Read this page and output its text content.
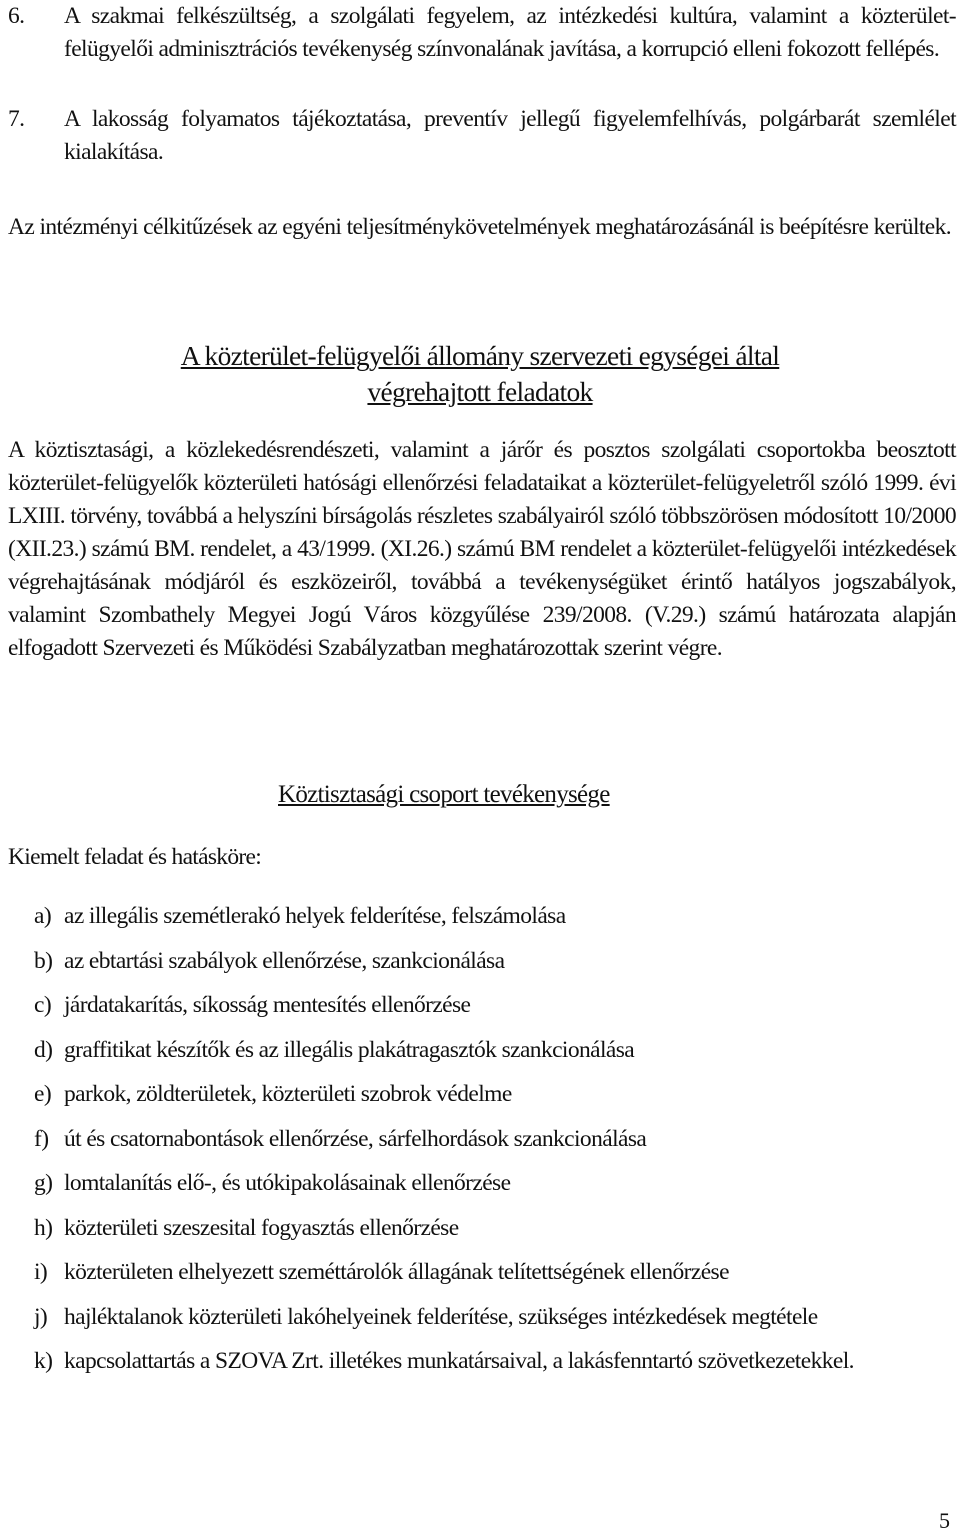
6.	A szakmai felkészültség, a szolgálati fegyelem, az intézkedési kultúra, valamint a közterület-felügyelői adminisztrációs tevékenység színvonalának javítása, a korrupció elleni fokozott fellépés.
7.	A lakosság folyamatos tájékoztatása, preventív jellegű figyelemfelhívás, polgárbarát szemlélet kialakítása.
Az intézményi célkitűzések az egyéni teljesítménykövetelmények meghatározásánál is beépítésre kerültek.
A közterület-felügyelői állomány szervezeti egységei által
végrehajtott feladatok
A köztisztasági, a közlekedésrendészeti, valamint a járőr és posztos szolgálati csoportokba beosztott közterület-felügyelők közterületi hatósági ellenőrzési feladataikat a közterület-felügyeletről szóló 1999. évi LXIII. törvény, továbbá a helyszíni bírságolás részletes szabályairól szóló többszörösen módosított 10/2000 (XII.23.) számú BM. rendelet, a 43/1999. (XI.26.) számú BM rendelet a közterület-felügyelői intézkedések végrehajtásának módjáról és eszközeiről, továbbá a tevékenységüket érintő hatályos jogszabályok, valamint Szombathely Megyei Jogú Város közgyűlése 239/2008. (V.29.) számú határozata alapján elfogadott Szervezeti és Működési Szabályzatban meghatározottak szerint végre.
Köztisztasági csoport tevékenysége
Kiemelt feladat és hatásköre:
a) az illegális szemétlerakó helyek felderítése, felszámolása
b) az ebtartási szabályok ellenőrzése, szankcionálása
c) járdatakarítás, síkosság mentesítés ellenőrzése
d) graffitikat készítők és az illegális plakátragasztók szankcionálása
e) parkok, zöldterületek, közterületi szobrok védelme
f) út és csatornabontások ellenőrzése, sárfelhordások szankcionálása
g) lomtalanítás elő-, és utókipakolásainak ellenőrzése
h) közterületi szeszesital fogyasztás ellenőrzése
i) közterületen elhelyezett szeméttárolók állagának telítettségének ellenőrzése
j) hajléktalanok közterületi lakóhelyeinek felderítése, szükséges intézkedések megtétele
k) kapcsolattartás a SZOVA Zrt. illetékes munkatársaival, a lakásfenntartó szövetkezetekkel.
5
